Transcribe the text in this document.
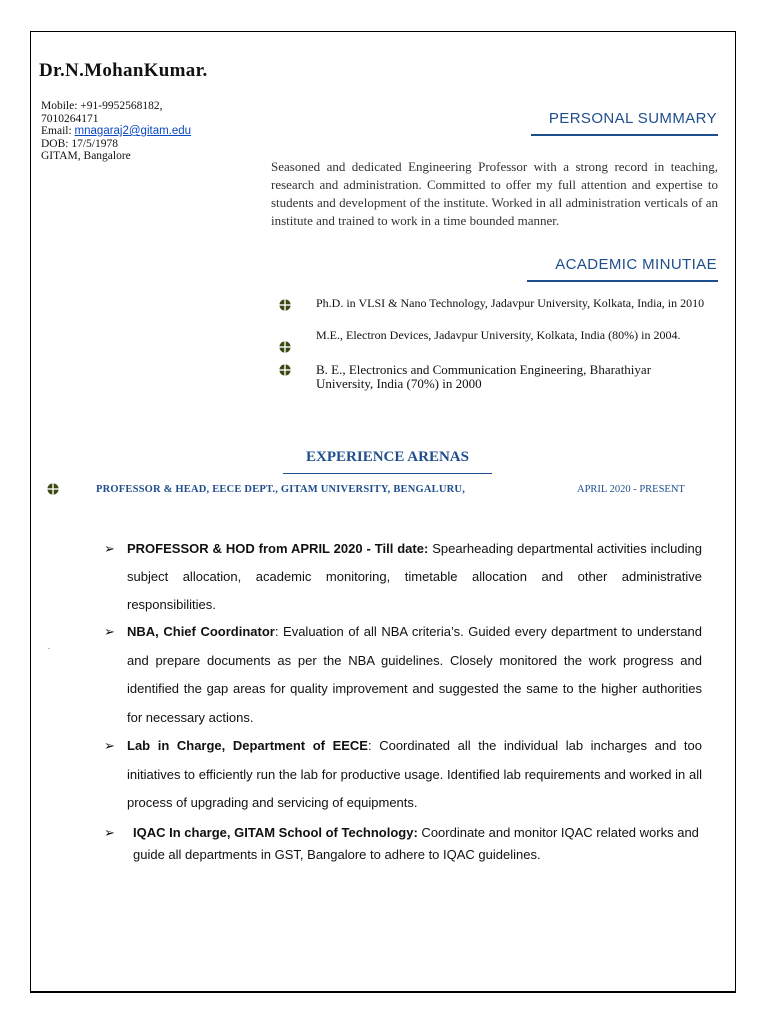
Dr.N.MohanKumar.
Mobile: +91-9952568182,
7010264171
Email: mnagaraj2@gitam.edu
DOB: 17/5/1978
GITAM, Bangalore
PERSONAL SUMMARY
Seasoned and dedicated Engineering Professor with a strong record in teaching, research and administration. Committed to offer my full attention and expertise to students and development of the institute. Worked in all administration verticals of an institute and trained to work in a time bounded manner.
ACADEMIC MINUTIAE
Ph.D. in VLSI & Nano Technology, Jadavpur University, Kolkata, India, in 2010
M.E., Electron Devices, Jadavpur University, Kolkata, India (80%) in 2004.
B. E., Electronics and Communication Engineering, Bharathiyar University, India (70%) in 2000
EXPERIENCE ARENAS
PROFESSOR & HEAD, EECE DEPT., GITAM UNIVERSITY, BENGALURU,	APRIL 2020 - PRESENT
➢ PROFESSOR & HOD from APRIL 2020 - Till date: Spearheading departmental activities including subject allocation, academic monitoring, timetable allocation and other administrative responsibilities.
➢ NBA, Chief Coordinator: Evaluation of all NBA criteria’s. Guided every department to understand and prepare documents as per the NBA guidelines. Closely monitored the work progress and identified the gap areas for quality improvement and suggested the same to the higher authorities for necessary actions.
➢ Lab in Charge, Department of EECE: Coordinated all the individual lab incharges and too initiatives to efficiently run the lab for productive usage. Identified lab requirements and worked in all process of upgrading and servicing of equipments.
➢ IQAC In charge, GITAM School of Technology: Coordinate and monitor IQAC related works and guide all departments in GST, Bangalore to adhere to IQAC guidelines.
.
